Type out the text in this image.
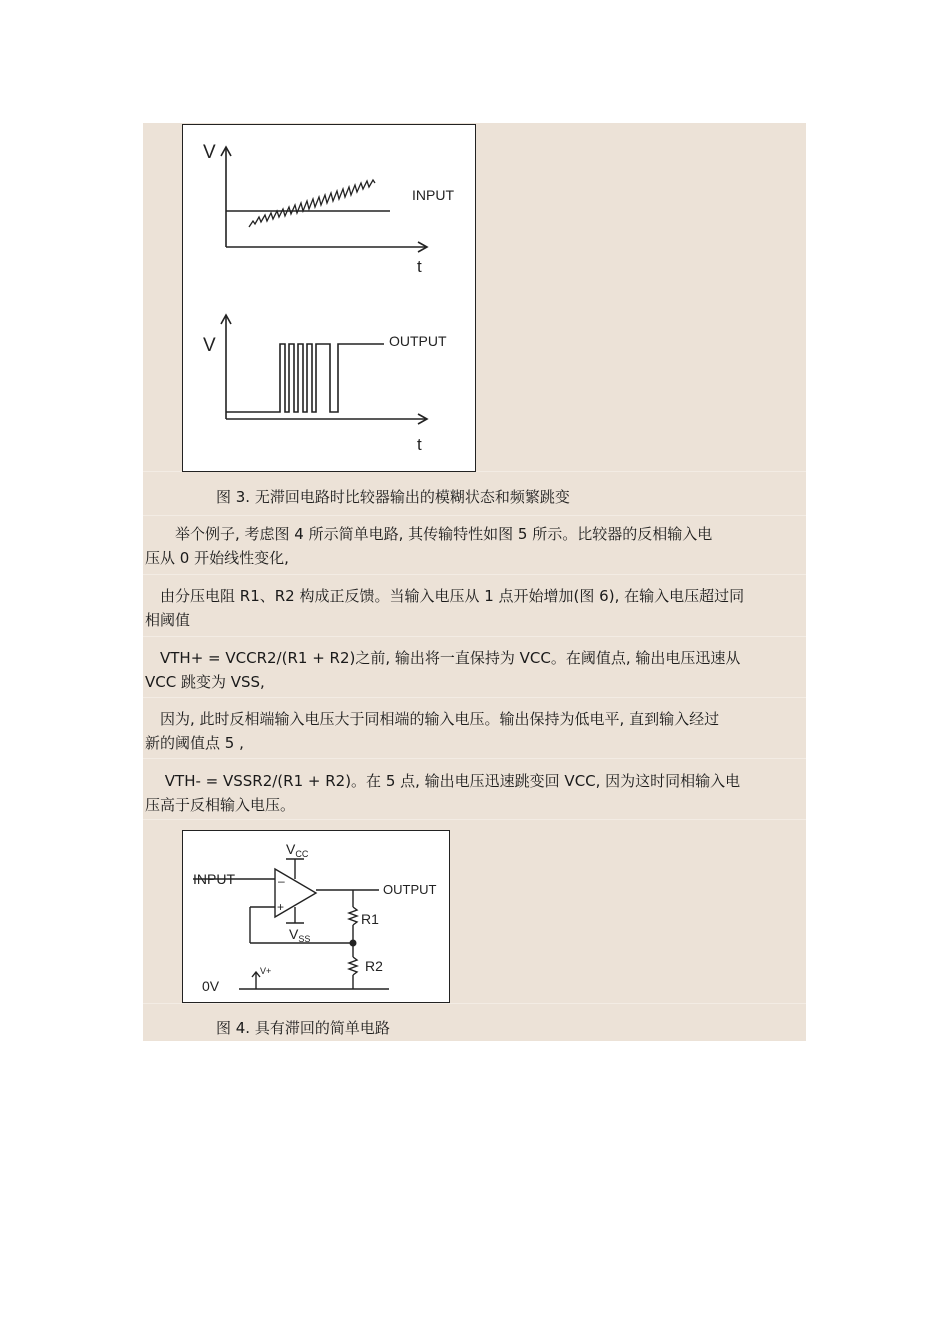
V
t
INPUT
V
t
OUTPUT
图 3. 无滞回电路时比较器输出的模糊状态和频繁跳变
　　举个例子, 考虑图 4 所示简单电路, 其传输特性如图 5 所示。比较器的反相输入电
压从 0 开始线性变化,
　由分压电阻 R1、R2 构成正反馈。当输入电压从 1 点开始增加(图 6), 在输入电压超过同
相阈值
　VTH+ = VCCR2/(R1 + R2)之前, 输出将一直保持为 VCC。在阈值点, 输出电压迅速从
VCC 跳变为 VSS,
　因为, 此时反相端输入电压大于同相端的输入电压。输出保持为低电平, 直到输入经过
新的阈值点 5 ,
　 VTH- = VSSR2/(R1 + R2)。在 5 点, 输出电压迅速跳变回 VCC, 因为这时同相输入电
压高于反相输入电压。
$V_{CC}$
$V_{SS}$
INPUT
OUTPUT
–
+
R1
R2
0V
V+
图 4. 具有滞回的简单电路
